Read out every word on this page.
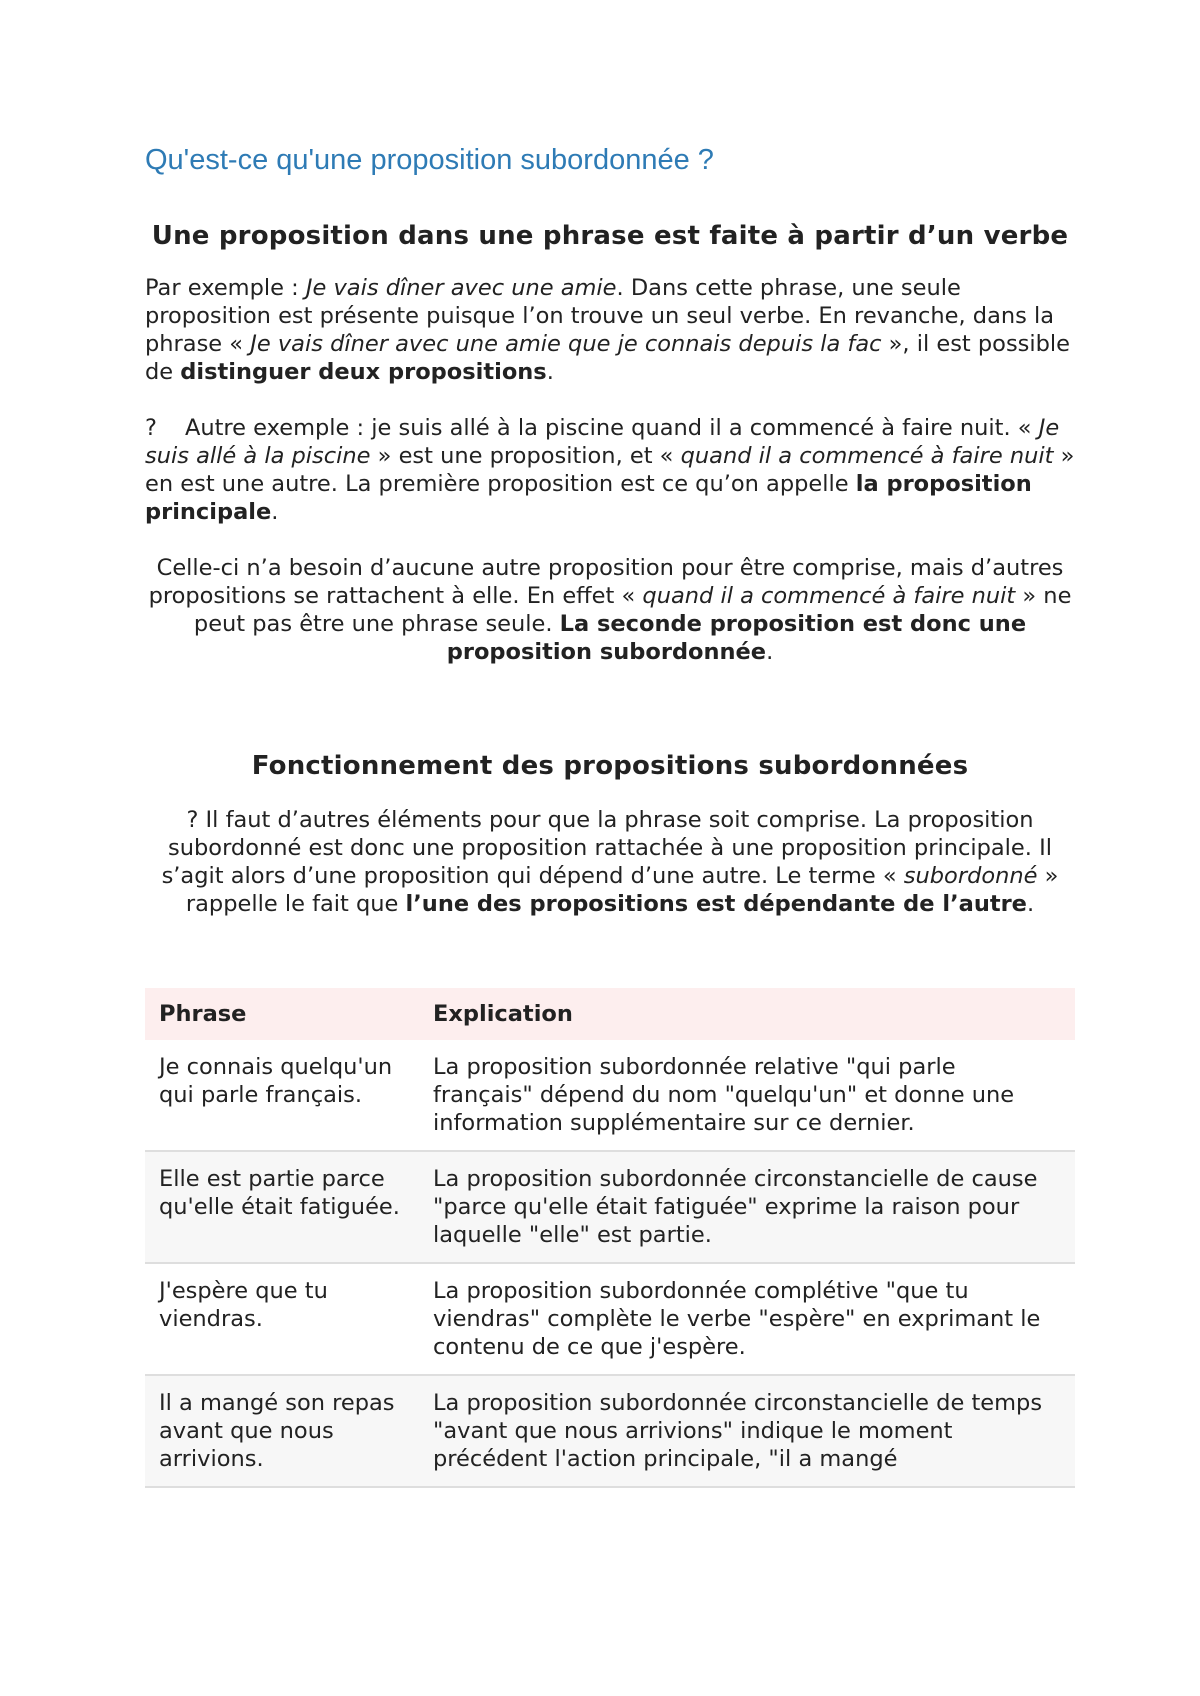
Qu'est-ce qu'une proposition subordonnée ?
Une proposition dans une phrase est faite à partir d’un verbe

Par exemple : Je vais dîner avec une amie. Dans cette phrase, une seule proposition est présente puisque l’on trouve un seul verbe. En revanche, dans la phrase « Je vais dîner avec une amie que je connais depuis la fac », il est possible de distinguer deux propositions.

? Autre exemple : je suis allé à la piscine quand il a commencé à faire nuit. « Je suis allé à la piscine » est une proposition, et « quand il a commencé à faire nuit » en est une autre. La première proposition est ce qu’on appelle la proposition principale.

Celle-ci n’a besoin d’aucune autre proposition pour être comprise, mais d’autres propositions se rattachent à elle. En effet « quand il a commencé à faire nuit » ne peut pas être une phrase seule. La seconde proposition est donc une proposition subordonnée.

Fonctionnement des propositions subordonnées

? Il faut d’autres éléments pour que la phrase soit comprise. La proposition subordonné est donc une proposition rattachée à une proposition principale. Il s’agit alors d’une proposition qui dépend d’une autre. Le terme « subordonné » rappelle le fait que l’une des propositions est dépendante de l’autre.

Phrase	Explication
Je connais quelqu'un qui parle français.	La proposition subordonnée relative "qui parle français" dépend du nom "quelqu'un" et donne une information supplémentaire sur ce dernier.
Elle est partie parce qu'elle était fatiguée.	La proposition subordonnée circonstancielle de cause "parce qu'elle était fatiguée" exprime la raison pour laquelle "elle" est partie.
J'espère que tu viendras.	La proposition subordonnée complétive "que tu viendras" complète le verbe "espère" en exprimant le contenu de ce que j'espère.
Il a mangé son repas avant que nous arrivions.	La proposition subordonnée circonstancielle de temps "avant que nous arrivions" indique le moment précédent l'action principale, "il a mangé
